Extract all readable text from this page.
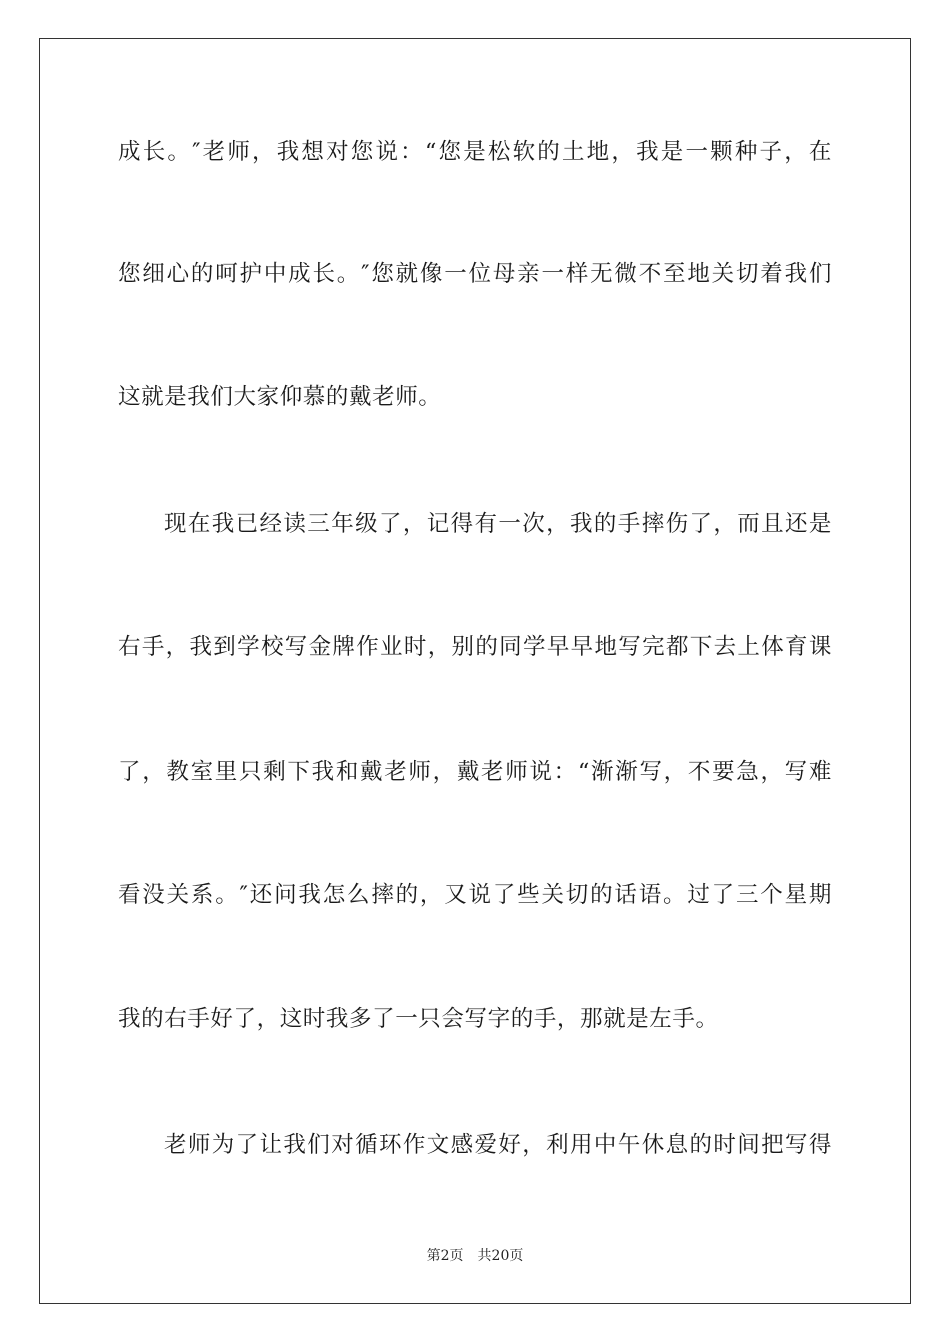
成长。″老师，我想对您说：“您是松软的土地，我是一颗种子，在
您细心的呵护中成长。″您就像一位母亲一样无微不至地关切着我们
这就是我们大家仰慕的戴老师。
现在我已经读三年级了，记得有一次，我的手摔伤了，而且还是
右手，我到学校写金牌作业时，别的同学早早地写完都下去上体育课
了，教室里只剩下我和戴老师，戴老师说：“渐渐写，不要急，写难
看没关系。″还问我怎么摔的，又说了些关切的话语。过了三个星期
我的右手好了，这时我多了一只会写字的手，那就是左手。
老师为了让我们对循环作文感爱好，利用中午休息的时间把写得
第2页 共20页
